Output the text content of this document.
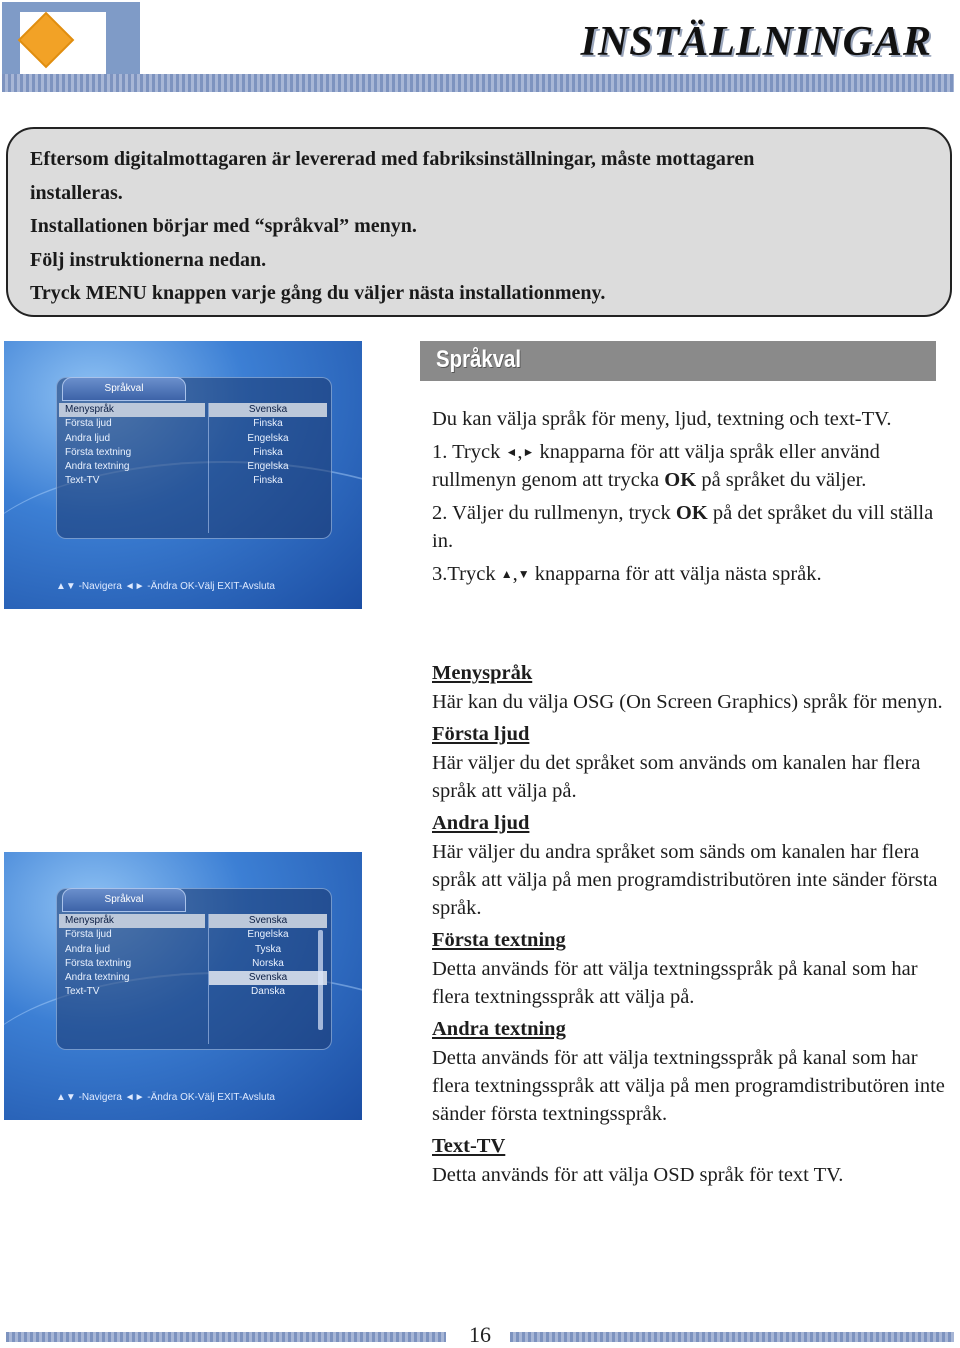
INSTÄLLNINGAR
Eftersom digitalmottagaren är levererad med fabriksinställningar, måste mottagaren
installeras.
Installationen börjar med “språkval” menyn.
Följ instruktionerna nedan.
Tryck MENU knappen varje gång du väljer nästa installationmeny.
Språkval
Menyspråk
Första ljud
Andra ljud
Första textning
Andra textning
Text-TV
Svenska
Finska
Engelska
Finska
Engelska
Finska
▲▼ -Navigera ◄► -Ändra OK-Välj EXIT-Avsluta
Språkval
Menyspråk
Första ljud
Andra ljud
Första textning
Andra textning
Text-TV
Svenska
Engelska
Tyska
Norska
Svenska
Danska
▲▼ -Navigera ◄► -Ändra OK-Välj EXIT-Avsluta
Språkval

Du kan välja språk för meny, ljud, textning och text-TV.

1. Tryck ◄,► knapparna för att välja språk eller använd rullmenyn genom att trycka OK på språket du väljer.

2. Väljer du rullmenyn, tryck OK på det språket du vill ställa in.

3.Tryck ▲,▼ knapparna för att välja nästa språk.

Menyspråk
Här kan du välja OSG (On Screen Graphics) språk för menyn.
Första ljud
Här väljer du det språket som används om kanalen har flera språk att välja på.
Andra ljud
Här väljer du andra språket som sänds om kanalen har flera språk att välja på men programdistributören inte sänder första språk.
Första textning
Detta används för att välja textningsspråk på kanal som har flera textningsspråk att välja på.
Andra textning
Detta används för att välja textningsspråk på kanal som har flera textningsspråk att välja på men programdistributören inte sänder första textningsspråk.
Text-TV
Detta används för att välja OSD språk för text TV.
16
